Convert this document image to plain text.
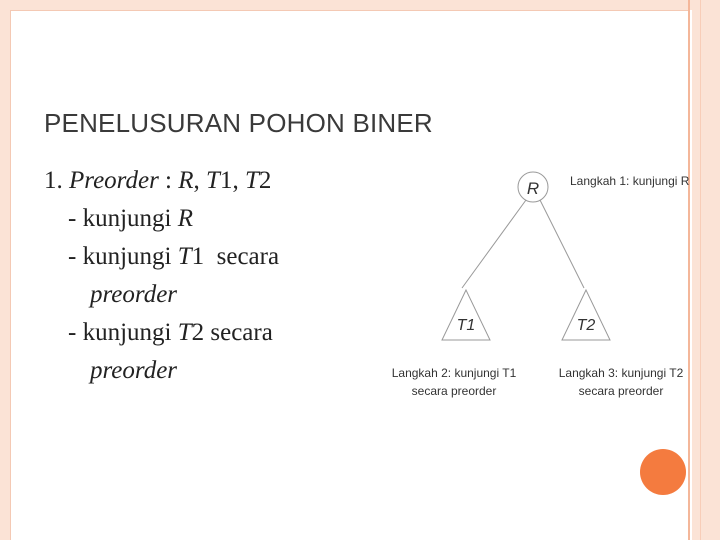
PENELUSURAN POHON BINER
1. Preorder : R, T1, T2
- kunjungi R
- kunjungi T1  secara
preorder
- kunjungi T2 secara
preorder
R
T1	T2
Langkah 1: kunjungi R
Langkah 2: kunjungi T1
secara preorder
Langkah 3: kunjungi T2
secara preorder
